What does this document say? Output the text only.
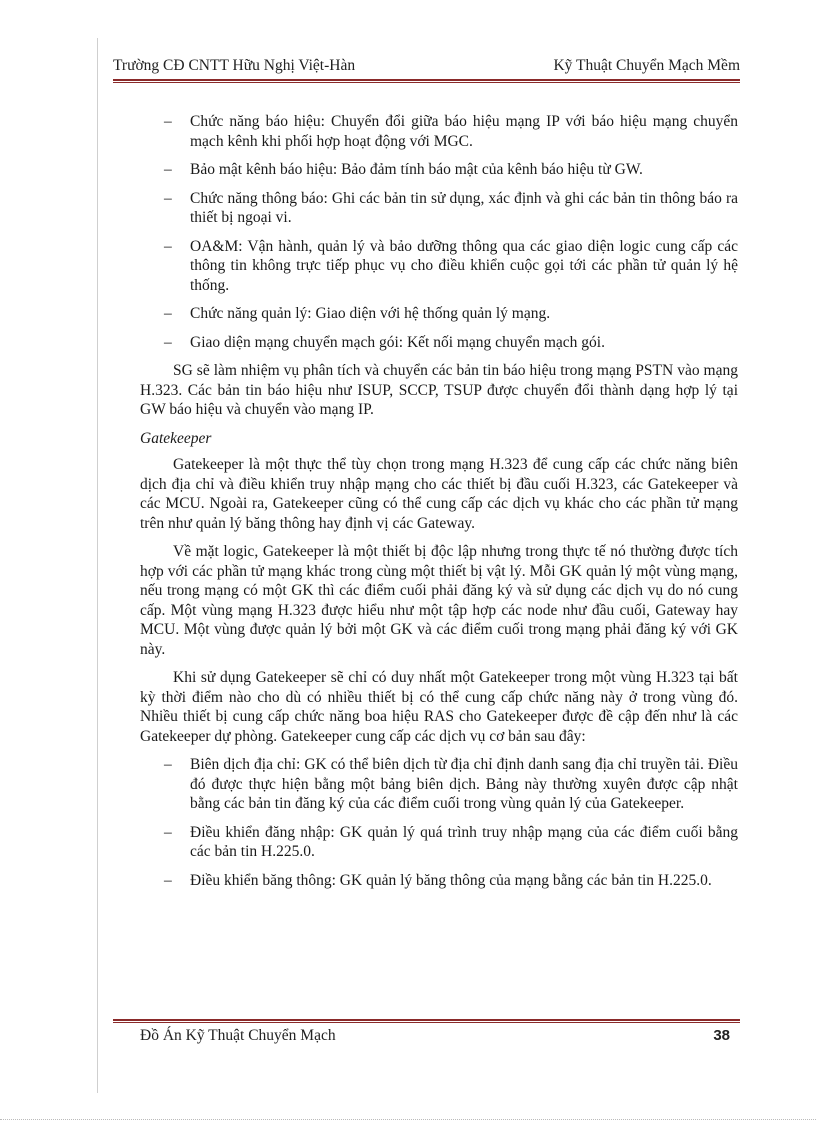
Trường CĐ CNTT Hữu Nghị Việt-Hàn	Kỹ Thuật Chuyển Mạch Mềm
–	Chức năng báo hiệu: Chuyển đổi giữa báo hiệu mạng IP với báo hiệu mạng chuyển mạch kênh khi phối hợp hoạt động với MGC.
–	Bảo mật kênh báo hiệu: Bảo đảm tính báo mật của kênh báo hiệu từ GW.
–	Chức năng thông báo: Ghi các bản tin sử dụng, xác định và ghi các bản tin thông báo ra thiết bị ngoại vi.
–	OA&M: Vận hành, quản lý và bảo dưỡng thông qua các giao diện logic cung cấp các thông tin không trực tiếp phục vụ cho điều khiển cuộc gọi tới các phần tử quản lý hệ thống.
–	Chức năng quản lý: Giao diện với hệ thống quản lý mạng.
–	Giao diện mạng chuyển mạch gói: Kết nối mạng chuyển mạch gói.

SG sẽ làm nhiệm vụ phân tích và chuyển các bản tin báo hiệu trong mạng PSTN vào mạng H.323. Các bản tin báo hiệu như ISUP, SCCP, TSUP được chuyển đổi thành dạng hợp lý tại GW báo hiệu và chuyển vào mạng IP.

Gatekeeper

Gatekeeper là một thực thể tùy chọn trong mạng H.323 để cung cấp các chức năng biên dịch địa chỉ và điều khiển truy nhập mạng cho các thiết bị đầu cuối H.323, các Gatekeeper và các MCU. Ngoài ra, Gatekeeper cũng có thể cung cấp các dịch vụ khác cho các phần tử mạng trên như quản lý băng thông hay định vị các Gateway.

Về mặt logic, Gatekeeper là một thiết bị độc lập nhưng trong thực tế nó thường được tích hợp với các phần tử mạng khác trong cùng một thiết bị vật lý. Mỗi GK quản lý một vùng mạng, nếu trong mạng có một GK thì các điểm cuối phải đăng ký và sử dụng các dịch vụ do nó cung cấp. Một vùng mạng H.323 được hiểu như một tập hợp các node như đầu cuối, Gateway hay MCU. Một vùng được quản lý bởi một GK và các điểm cuối trong mạng phải đăng ký với GK này.

Khi sử dụng Gatekeeper sẽ chỉ có duy nhất một Gatekeeper trong một vùng H.323 tại bất kỳ thời điểm nào cho dù có nhiều thiết bị có thể cung cấp chức năng này ở trong vùng đó. Nhiều thiết bị cung cấp chức năng boa hiệu RAS cho Gatekeeper được đề cập đến như là các Gatekeeper dự phòng. Gatekeeper cung cấp các dịch vụ cơ bản sau đây:

–	Biên dịch địa chỉ: GK có thể biên dịch từ địa chỉ định danh sang địa chỉ truyền tải. Điều đó được thực hiện bằng một bảng biên dịch. Bảng này thường xuyên được cập nhật bằng các bản tin đăng ký của các điểm cuối trong vùng quản lý của Gatekeeper.
–	Điều khiển đăng nhập: GK quản lý quá trình truy nhập mạng của các điểm cuối bằng các bản tin H.225.0.
–	Điều khiển băng thông: GK quản lý băng thông của mạng bằng các bản tin H.225.0.
Đồ Án Kỹ Thuật Chuyển Mạch	38
